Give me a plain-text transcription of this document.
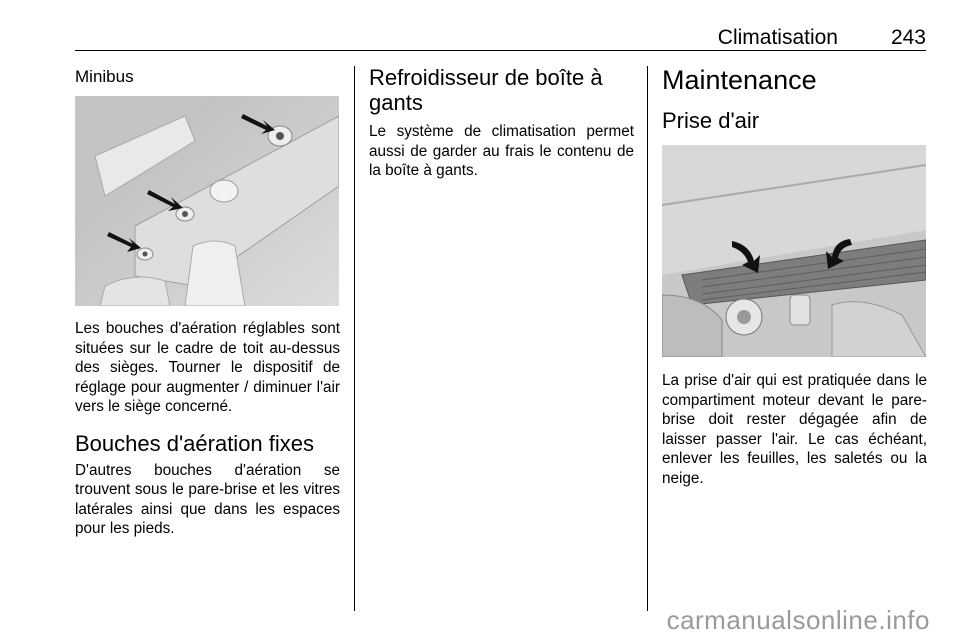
Climatisation	243
Minibus

Les bouches d'aération réglables sont situées sur le cadre de toit au-dessus des sièges. Tourner le dispositif de réglage pour augmenter / diminuer l'air vers le siège concerné.

Bouches d'aération fixes

D'autres bouches d'aération se trouvent sous le pare-brise et les vitres latérales ainsi que dans les espaces pour les pieds.

Refroidisseur de boîte à gants

Le système de climatisation permet aussi de garder au frais le contenu de la boîte à gants.

Maintenance
Prise d'air

La prise d'air qui est pratiquée dans le compartiment moteur devant le pare-brise doit rester dégagée afin de laisser passer l'air. Le cas échéant, enlever les feuilles, les saletés ou la neige.

carmanualsonline.info
